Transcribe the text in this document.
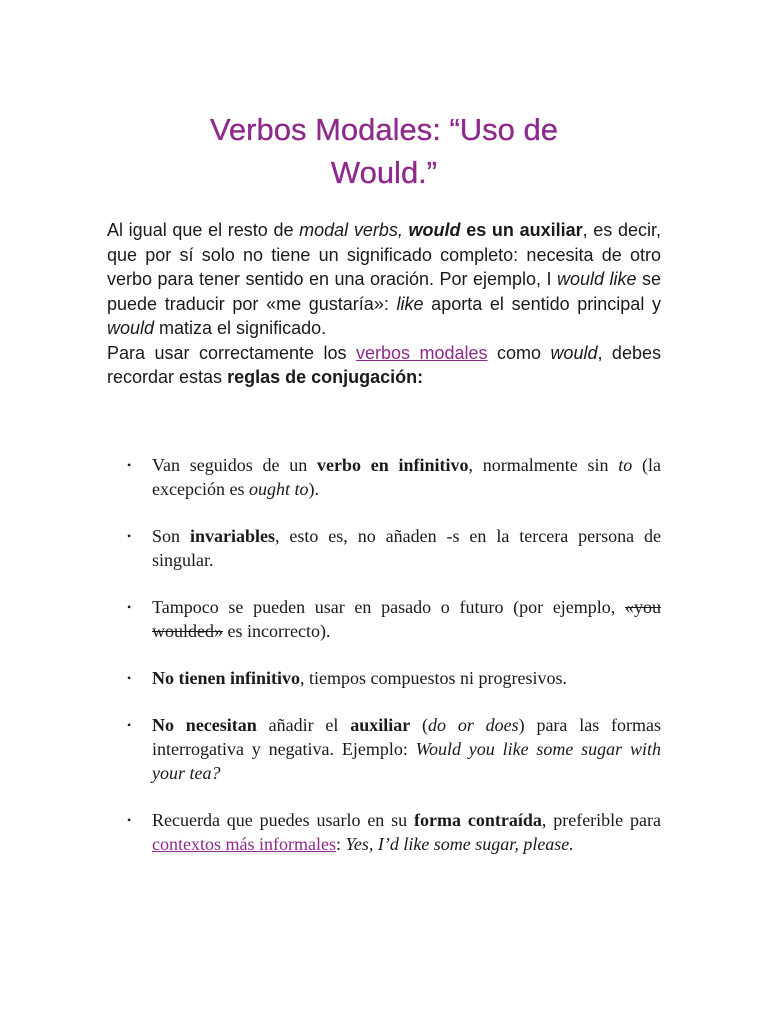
Verbos Modales: “Uso de
Would.”

Al igual que el resto de modal verbs, would es un auxiliar, es decir, que por sí solo no tiene un significado completo: necesita de otro verbo para tener sentido en una oración. Por ejemplo, I would like se puede traducir por «me gustaría»: like aporta el sentido principal y would matiza el significado.

Para usar correctamente los verbos modales como would, debes recordar estas reglas de conjugación:

• Van seguidos de un verbo en infinitivo, normalmente sin to (la excepción es ought to).
• Son invariables, esto es, no añaden -s en la tercera persona de singular.
• Tampoco se pueden usar en pasado o futuro (por ejemplo, «you woulded» es incorrecto).
• No tienen infinitivo, tiempos compuestos ni progresivos.
• No necesitan añadir el auxiliar (do or does) para las formas interrogativa y negativa. Ejemplo: Would you like some sugar with your tea?
• Recuerda que puedes usarlo en su forma contraída, preferible para contextos más informales: Yes, I’d like some sugar, please.
